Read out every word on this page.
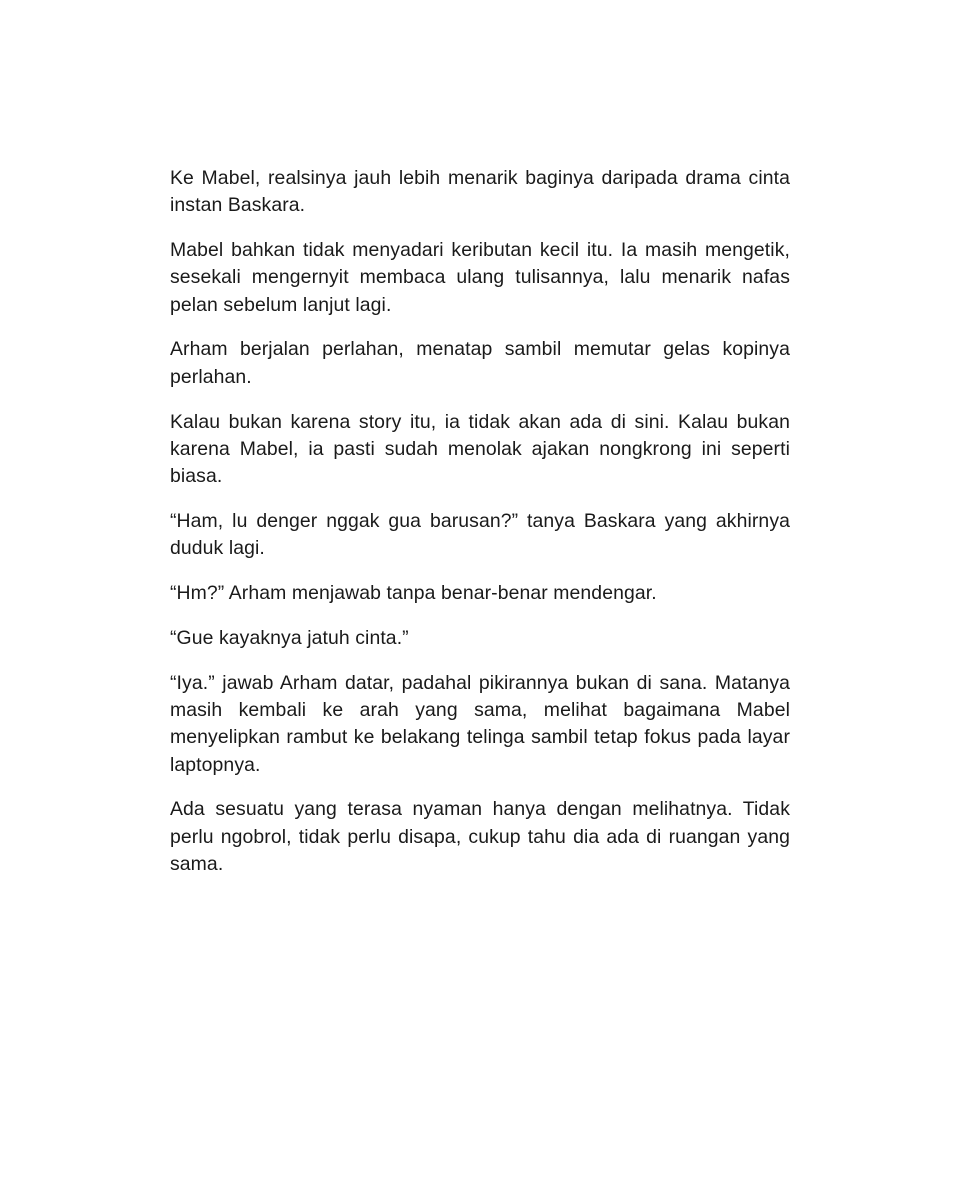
Ke Mabel, realsinya jauh lebih menarik baginya daripada drama cinta instan Baskara.

Mabel bahkan tidak menyadari keributan kecil itu. Ia masih mengetik, sesekali mengernyit membaca ulang tulisannya, lalu menarik nafas pelan sebelum lanjut lagi.

Arham berjalan perlahan, menatap sambil memutar gelas kopinya perlahan.

Kalau bukan karena story itu, ia tidak akan ada di sini. Kalau bukan karena Mabel, ia pasti sudah menolak ajakan nongkrong ini seperti biasa.

“Ham, lu denger nggak gua barusan?” tanya Baskara yang akhirnya duduk lagi.

“Hm?” Arham menjawab tanpa benar-benar mendengar.

“Gue kayaknya jatuh cinta.”

“Iya.” jawab Arham datar, padahal pikirannya bukan di sana. Matanya masih kembali ke arah yang sama, melihat bagaimana Mabel menyelipkan rambut ke belakang telinga sambil tetap fokus pada layar laptopnya.

Ada sesuatu yang terasa nyaman hanya dengan melihatnya. Tidak perlu ngobrol, tidak perlu disapa, cukup tahu dia ada di ruangan yang sama.
